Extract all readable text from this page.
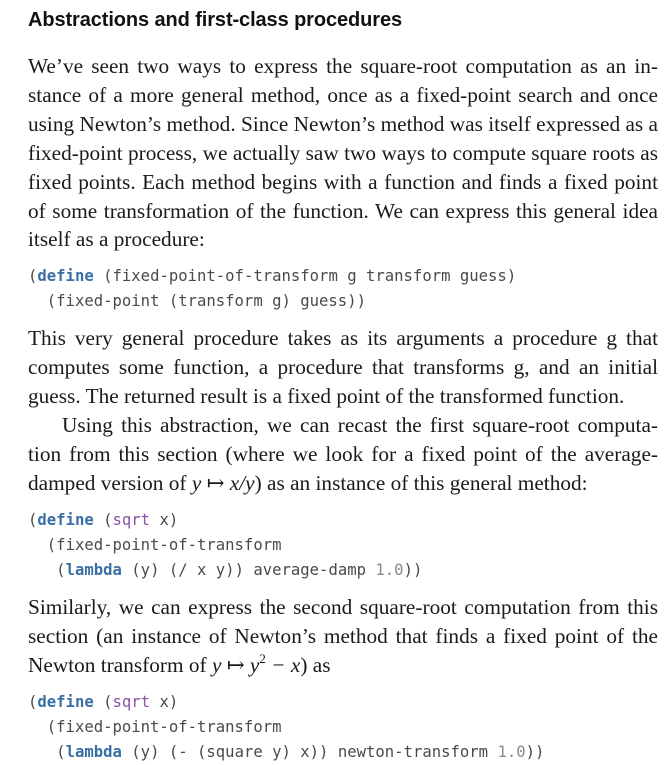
Abstractions and first-class procedures

We’ve seen two ways to express the square-root computation as an in- stance of a more general method, once as a fixed-point search and once using Newton’s method. Since Newton’s method was itself expressed as a fixed-point process, we actually saw two ways to compute square roots as fixed points. Each method begins with a function and finds a fixed point of some transformation of the function. We can express this general idea itself as a procedure:

(define (fixed-point-of-transform g transform guess)
(fixed-point (transform g) guess))

This very general procedure takes as its arguments a procedure g that computes some function, a procedure that transforms g, and an initial guess. The returned result is a fixed point of the transformed function.

Using this abstraction, we can recast the first square-root computa- tion from this section (where we look for a fixed point of the average- damped version of y ↦ x/y) as an instance of this general method:

(define (sqrt x)
(fixed-point-of-transform
(lambda (y) (/ x y)) average-damp 1.0))

Similarly, we can express the second square-root computation from this section (an instance of Newton’s method that finds a fixed point of the Newton transform of y ↦ $y^2 - x$) as

(define (sqrt x)
(fixed-point-of-transform
(lambda (y) (- (square y) x)) newton-transform 1.0))
